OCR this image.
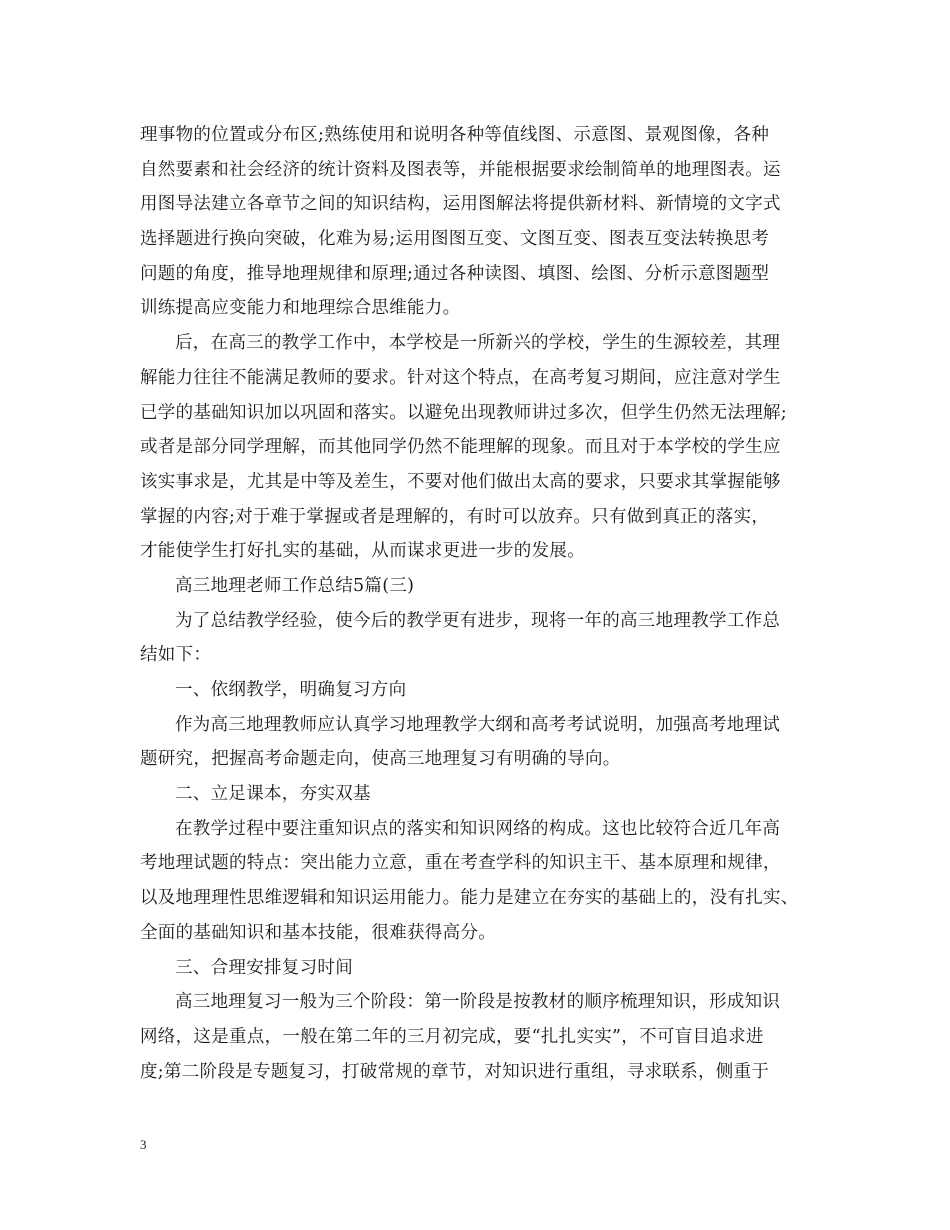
理事物的位置或分布区;熟练使用和说明各种等值线图、示意图、景观图像，各种
自然要素和社会经济的统计资料及图表等，并能根据要求绘制简单的地理图表。运
用图导法建立各章节之间的知识结构，运用图解法将提供新材料、新情境的文字式
选择题进行换向突破，化难为易;运用图图互变、文图互变、图表互变法转换思考
问题的角度，推导地理规律和原理;通过各种读图、填图、绘图、分析示意图题型
训练提高应变能力和地理综合思维能力。
后，在高三的教学工作中，本学校是一所新兴的学校，学生的生源较差，其理
解能力往往不能满足教师的要求。针对这个特点，在高考复习期间，应注意对学生
已学的基础知识加以巩固和落实。以避免出现教师讲过多次，但学生仍然无法理解;
或者是部分同学理解，而其他同学仍然不能理解的现象。而且对于本学校的学生应
该实事求是，尤其是中等及差生，不要对他们做出太高的要求，只要求其掌握能够
掌握的内容;对于难于掌握或者是理解的，有时可以放弃。只有做到真正的落实，
才能使学生打好扎实的基础，从而谋求更进一步的发展。
高三地理老师工作总结5篇(三)
为了总结教学经验，使今后的教学更有进步，现将一年的高三地理教学工作总
结如下：
一、依纲教学，明确复习方向
作为高三地理教师应认真学习地理教学大纲和高考考试说明，加强高考地理试
题研究，把握高考命题走向，使高三地理复习有明确的导向。
二、立足课本，夯实双基
在教学过程中要注重知识点的落实和知识网络的构成。这也比较符合近几年高
考地理试题的特点：突出能力立意，重在考查学科的知识主干、基本原理和规律，
以及地理理性思维逻辑和知识运用能力。能力是建立在夯实的基础上的，没有扎实、
全面的基础知识和基本技能，很难获得高分。
三、合理安排复习时间
高三地理复习一般为三个阶段：第一阶段是按教材的顺序梳理知识，形成知识
网络，这是重点，一般在第二年的三月初完成，要“扎扎实实”，不可盲目追求进
度;第二阶段是专题复习，打破常规的章节，对知识进行重组，寻求联系，侧重于
3
